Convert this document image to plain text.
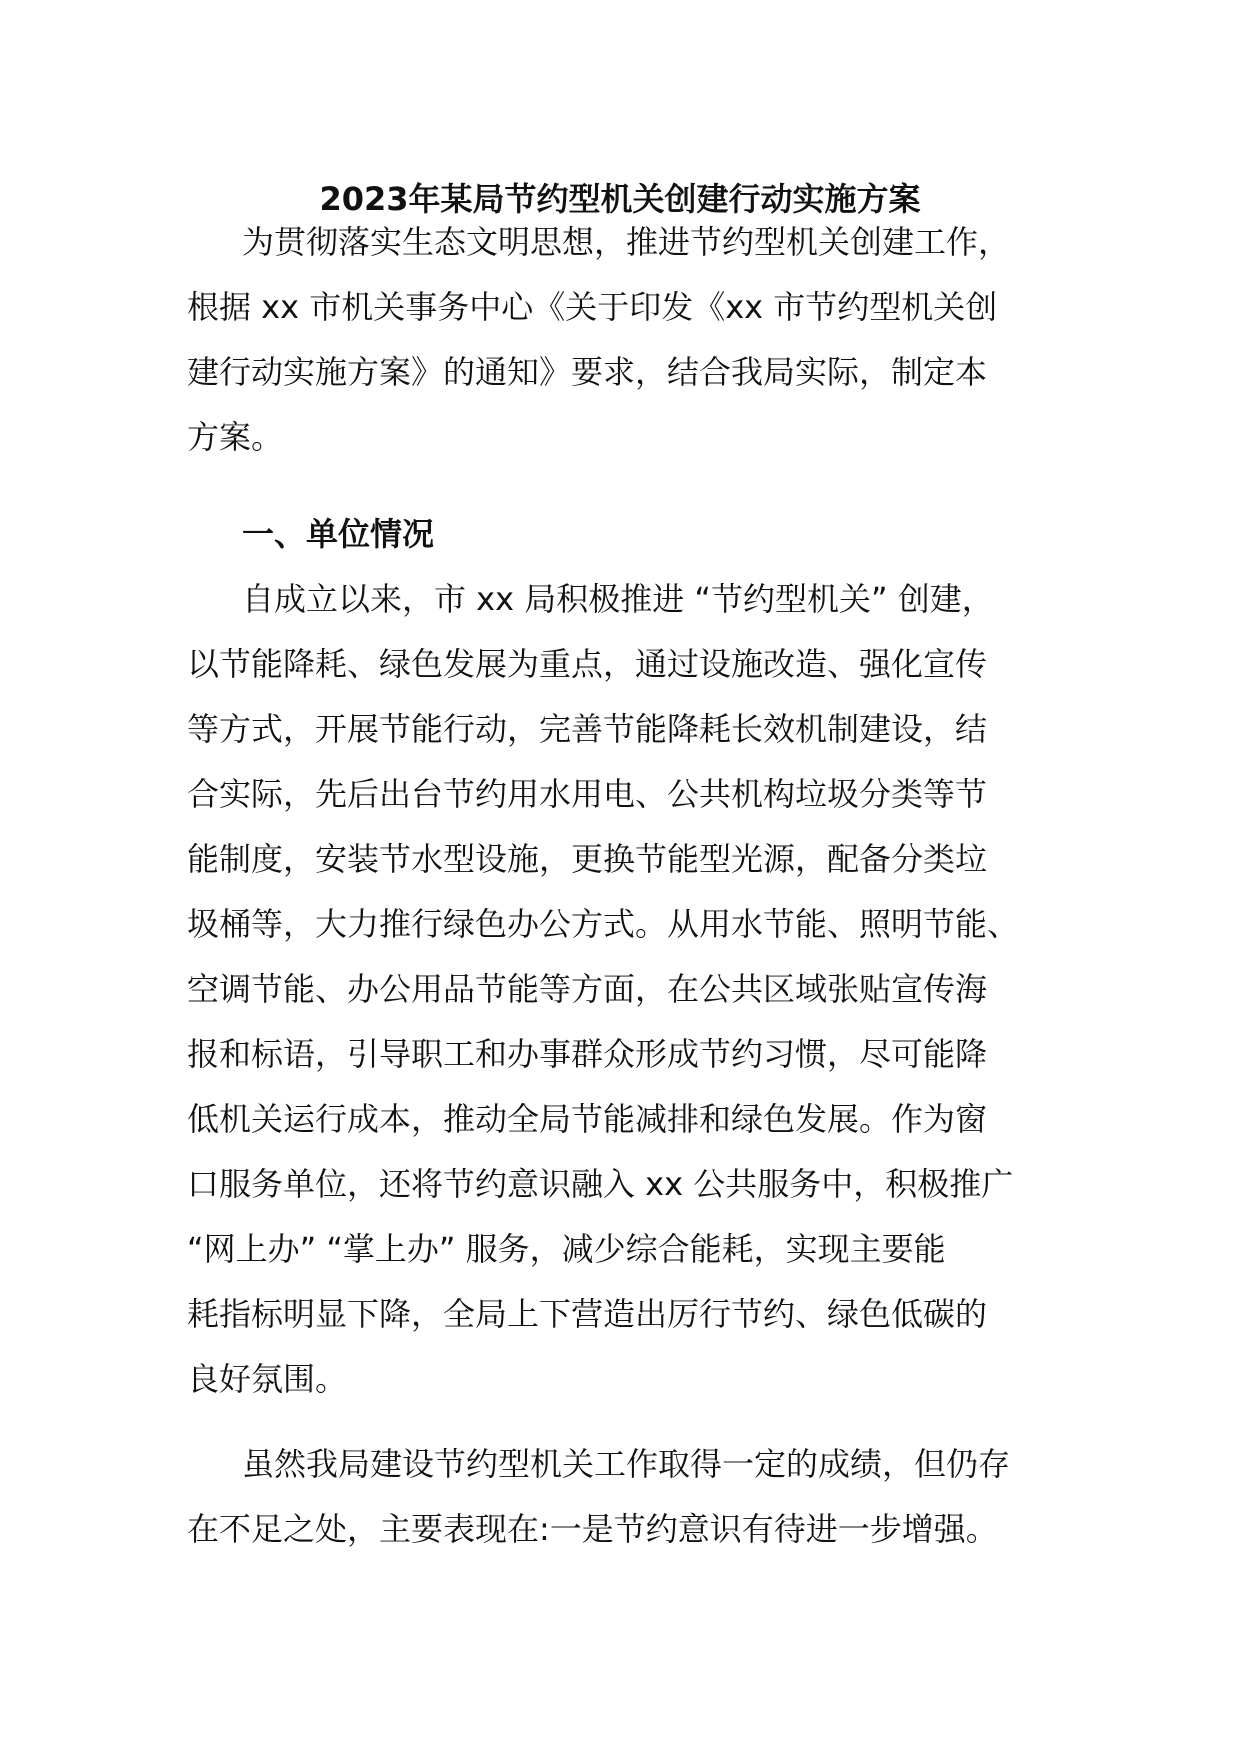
2023年某局节约型机关创建行动实施方案
为贯彻落实生态文明思想，推进节约型机关创建工作，
根据 xx 市机关事务中心《关于印发《xx 市节约型机关创
建行动实施方案》的通知》要求，结合我局实际，制定本
方案。
一、单位情况
自成立以来，市 xx 局积极推进 “节约型机关” 创建，
以节能降耗、绿色发展为重点，通过设施改造、强化宣传
等方式，开展节能行动，完善节能降耗长效机制建设，结
合实际，先后出台节约用水用电、公共机构垃圾分类等节
能制度，安装节水型设施，更换节能型光源，配备分类垃
圾桶等，大力推行绿色办公方式。从用水节能、照明节能、
空调节能、办公用品节能等方面，在公共区域张贴宣传海
报和标语，引导职工和办事群众形成节约习惯，尽可能降
低机关运行成本，推动全局节能减排和绿色发展。作为窗
口服务单位，还将节约意识融入 xx 公共服务中，积极推广
“网上办” “掌上办” 服务，减少综合能耗，实现主要能
耗指标明显下降，全局上下营造出厉行节约、绿色低碳的
良好氛围。
虽然我局建设节约型机关工作取得一定的成绩，但仍存
在不足之处，主要表现在:一是节约意识有待进一步增强。
